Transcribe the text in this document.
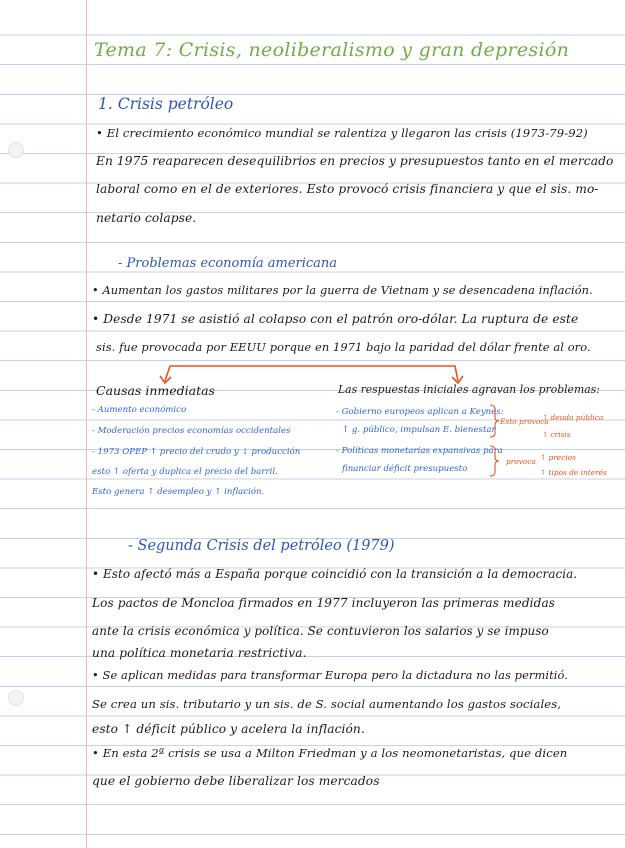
Tema 7: Crisis, neoliberalismo y gran depresión
1. Crisis petróleo
• El crecimiento económico mundial se ralentiza y llegaron las crisis (1973-79-92)
En 1975 reaparecen desequilibrios en precios y presupuestos tanto en el mercado
laboral como en el de exteriores. Esto provocó crisis financiera y que el sis. mo-
netario colapse.
- Problemas economía americana
• Aumentan los gastos militares por la guerra de Vietnam y se desencadena inflación.
• Desde 1971 se asistió al colapso con el patrón oro-dólar. La ruptura de este
sis. fue provocada por EEUU porque en 1971 bajo la paridad del dólar frente al oro.
Causas inmediatas
- Aumento económico
- Moderación precios economías occidentales
- 1973 OPEP ↑ precio del crudo y ↓ producción
esto ↑ oferta y duplica el precio del barril.
Esto genera ↑ desempleo y ↑ inflación.
Las respuestas iniciales agravan los problemas:
- Gobierno europeos aplican a Keynes:
↑ g. público, impulsan E. bienestar
- Políticas monetarias expansivas para
financiar déficit presupuesto
Esto provoca
↑ deuda pública
↑ crisis
provoca ↑ precios
↑ tipos de interés
- Segunda Crisis del petróleo (1979)
• Esto afectó más a España porque coincidió con la transición a la democracia.
Los pactos de Moncloa firmados en 1977 incluyeron las primeras medidas
ante la crisis económica y política. Se contuvieron los salarios y se impuso
una política monetaria restrictiva.
• Se aplican medidas para transformar Europa pero la dictadura no las permitió.
Se crea un sis. tributario y un sis. de S. social aumentando los gastos sociales,
esto ↑ déficit público y acelera la inflación.
• En esta 2ª crisis se usa a Milton Friedman y a los neomonetaristas, que dicen
que el gobierno debe liberalizar los mercados
